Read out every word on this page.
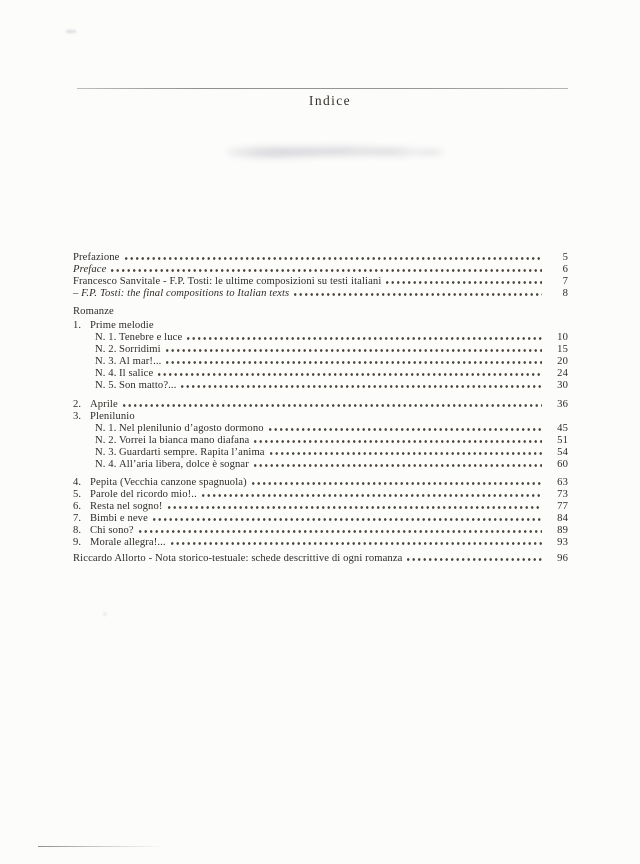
Indice
Prefazione	5
Preface	6
Francesco Sanvitale - F.P. Tosti: le ultime composizioni su testi italiani	7
– F.P. Tosti: the final compositions to Italian texts	8
Romanze
1. Prime melodie
N. 1. Tenebre e luce	10
N. 2. Sorridimi	15
N. 3. Al mar!...	20
N. 4. Il salice	24
N. 5. Son matto?...	30
2. Aprile	36
3. Plenilunio
N. 1. Nel plenilunio d’agosto dormono	45
N. 2. Vorrei la bianca mano diafana	51
N. 3. Guardarti sempre. Rapita l’anima	54
N. 4. All’aria libera, dolce è sognar	60
4. Pepita (Vecchia canzone spagnuola)	63
5. Parole del ricordo mio!..	73
6. Resta nel sogno!	77
7. Bimbi e neve	84
8. Chi sono?	89
9. Morale allegra!...	93
Riccardo Allorto - Nota storico-testuale: schede descrittive di ogni romanza	96
